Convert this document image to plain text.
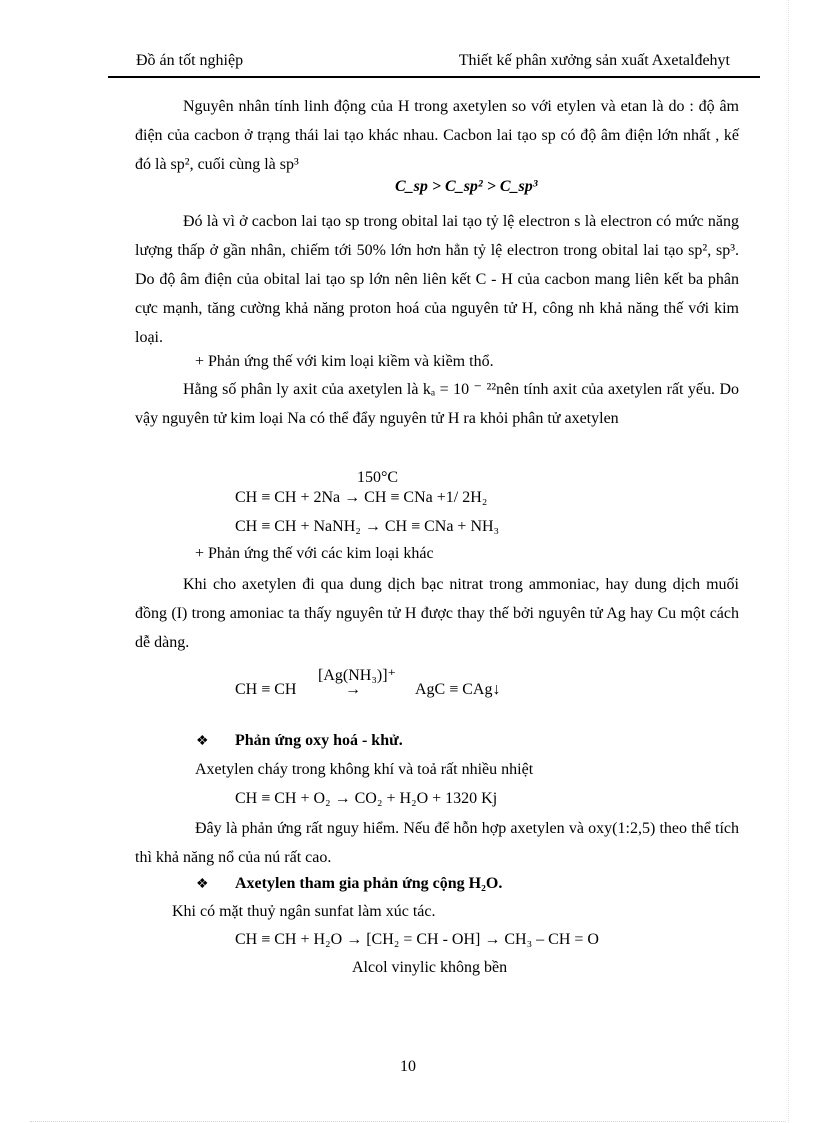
Đồ án tốt nghiệp	Thiết kế phân xưởng sản xuất Axetalđehyt
Nguyên nhân tính linh động của H trong axetylen so với etylen và etan là do : độ âm điện của cacbon ở trạng thái lai tạo khác nhau. Cacbon lai tạo sp có độ âm điện lớn nhất , kế đó là sp², cuối cùng là sp³
C_sp > C_sp² > C_sp³
Đó là vì ở cacbon lai tạo sp trong obital lai tạo tỷ lệ electron s là electron có mức năng lượng thấp ở gần nhân, chiếm tới 50% lớn hơn hẳn tỷ lệ electron trong obital lai tạo sp², sp³. Do độ âm điện của obital lai tạo sp lớn nên liên kết C - H của cacbon mang liên kết ba phân cực mạnh, tăng cường khả năng proton hoá của nguyên tử H, công nh khả năng thế với kim loại.
+ Phản ứng thế với kim loại kiềm và kiềm thổ.
Hằng số phân ly axit của axetylen là kₐ = 10 ⁻ ²²nên tính axit của axetylen rất yếu. Do vậy nguyên tử kim loại Na có thể đẩy nguyên tử H ra khỏi phân tử axetylen
150°C
CH ≡ CH + 2Na → CH ≡ CNa +1/ 2H₂
CH ≡ CH + NaNH₂ → CH ≡ CNa + NH₃
+ Phản ứng thế với các kim loại khác
Khi cho axetylen đi qua dung dịch bạc nitrat trong ammoniac, hay dung dịch muối đồng (I) trong amoniac ta thấy nguyên tử H được thay thế bởi nguyên tử Ag hay Cu một cách dễ dàng.
CH ≡ CH
[Ag(NH₃)]⁺
→	AgC ≡ CAg↓
❖ Phản ứng oxy hoá - khử.
Axetylen cháy trong không khí và toả rất nhiều nhiệt
CH ≡ CH + O₂ → CO₂ + H₂O + 1320 Kj
Đây là phản ứng rất nguy hiểm. Nếu để hỗn hợp axetylen và oxy(1:2,5) theo thể tích thì khả năng nổ của nú rất cao.
❖ Axetylen tham gia phản ứng cộng H₂O.
Khi có mặt thuỷ ngân sunfat làm xúc tác.
CH ≡ CH + H₂O → [CH₂ = CH - OH] → CH₃ – CH = O
Alcol vinylic không bền
10
